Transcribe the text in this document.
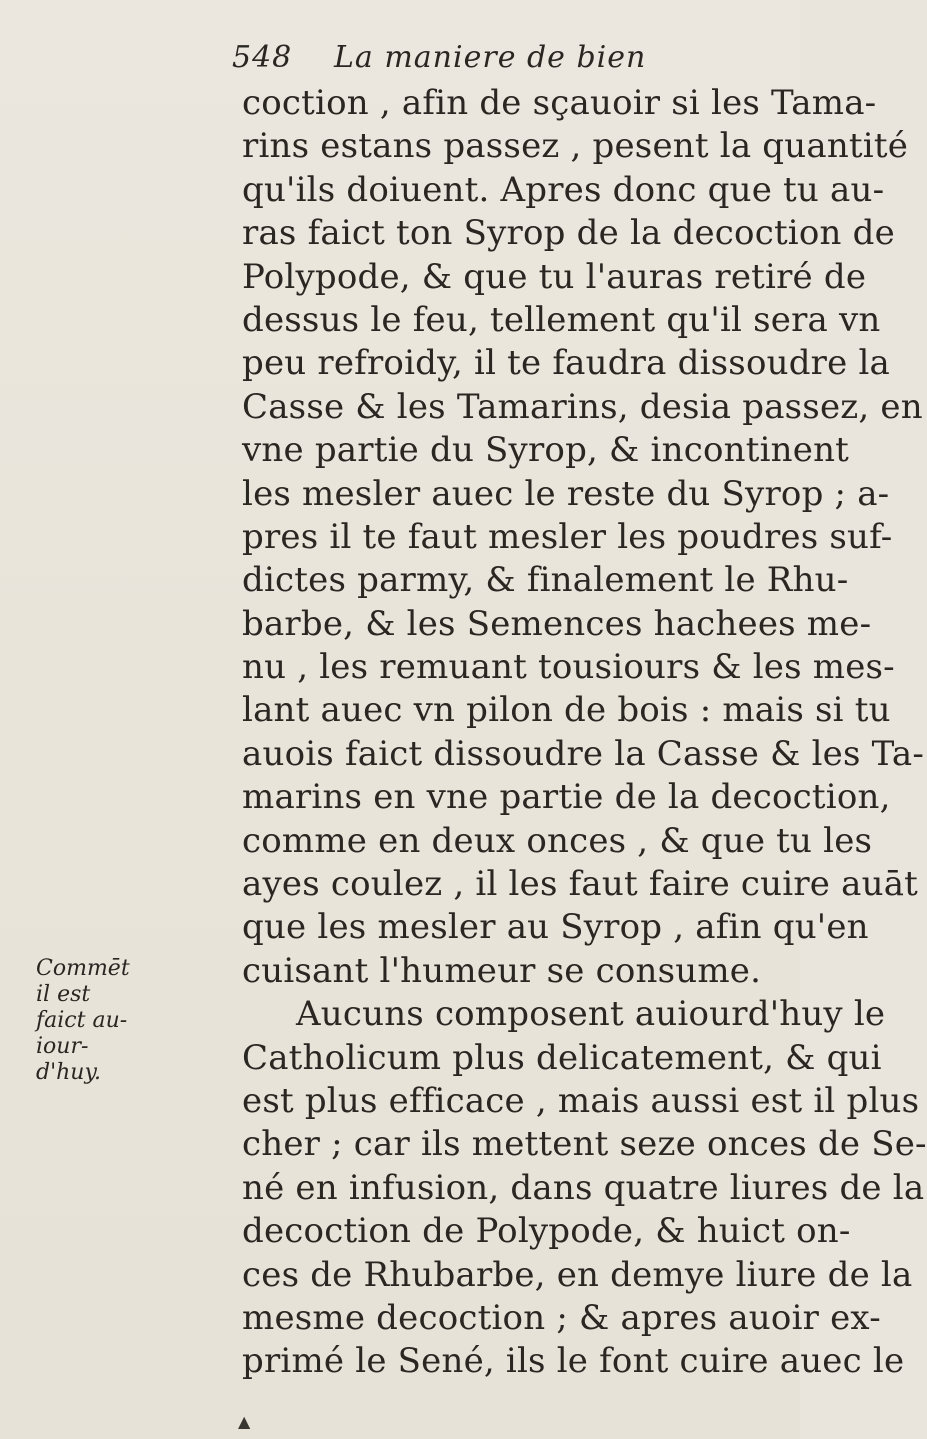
548 La maniere de bien
coction , afin de sçauoir si les Tama-
rins estans passez , pesent la quantité
qu'ils doiuent. Apres donc que tu au-
ras faict ton Syrop de la decoction de
Polypode, & que tu l'auras retiré de
dessus le feu, tellement qu'il sera vn
peu refroidy, il te faudra dissoudre la
Casse & les Tamarins, desia passez, en
vne partie du Syrop, & incontinent
les mesler auec le reste du Syrop ; a-
pres il te faut mesler les poudres suf-
dictes parmy, & finalement le Rhu-
barbe, & les Semences hachees me-
nu , les remuant tousiours & les mes-
lant auec vn pilon de bois : mais si tu
auois faict dissoudre la Casse & les Ta-
marins en vne partie de la decoction,
comme en deux onces , & que tu les
ayes coulez , il les faut faire cuire auāt
que les mesler au Syrop , afin qu'en
cuisant l'humeur se consume.
Aucuns composent auiourd'huy le
Catholicum plus delicatement, & qui
est plus efficace , mais aussi est il plus
cher ; car ils mettent seze onces de Se-
né en infusion, dans quatre liures de la
decoction de Polypode, & huict on-
ces de Rhubarbe, en demye liure de la
mesme decoction ; & apres auoir ex-
primé le Sené, ils le font cuire auec le
Commēt
il est
faict au-
iour-
d'huy.
▲
